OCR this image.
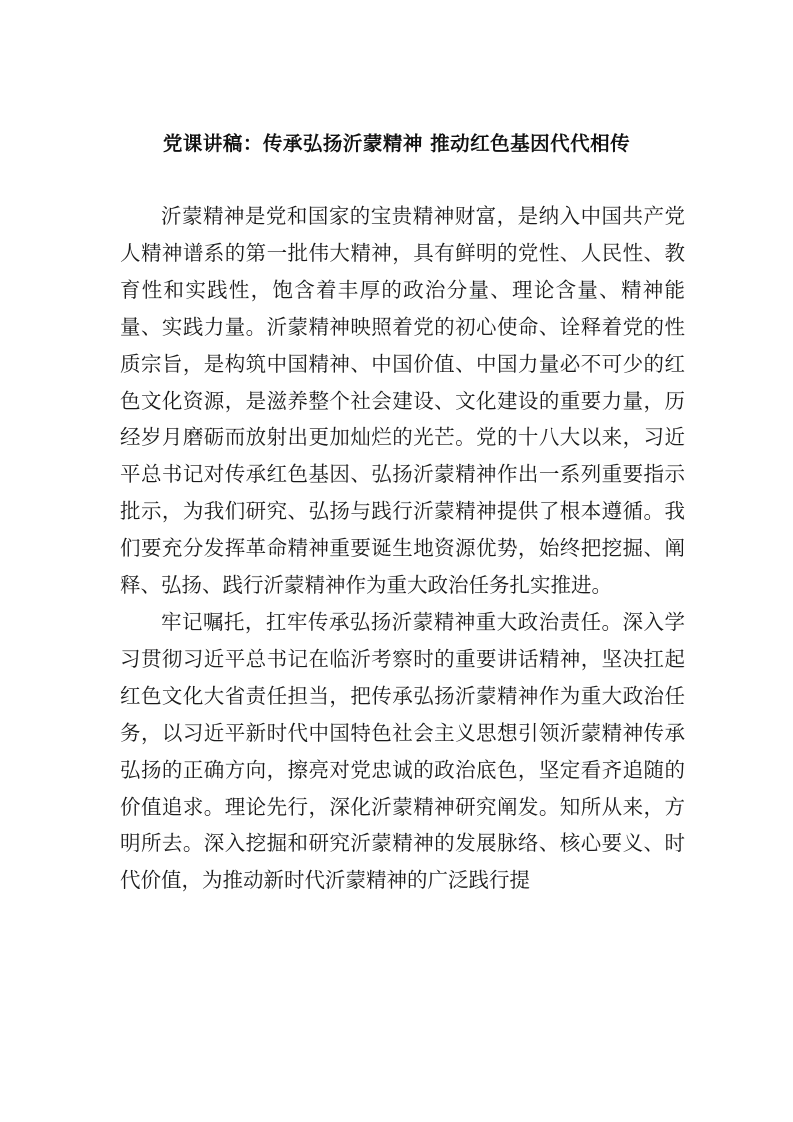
党课讲稿：传承弘扬沂蒙精神 推动红色基因代代相传

沂蒙精神是党和国家的宝贵精神财富，是纳入中国共产党人精神谱系的第一批伟大精神，具有鲜明的党性、人民性、教育性和实践性，饱含着丰厚的政治分量、理论含量、精神能量、实践力量。沂蒙精神映照着党的初心使命、诠释着党的性质宗旨，是构筑中国精神、中国价值、中国力量必不可少的红色文化资源，是滋养整个社会建设、文化建设的重要力量，历经岁月磨砺而放射出更加灿烂的光芒。党的十八大以来，习近平总书记对传承红色基因、弘扬沂蒙精神作出一系列重要指示批示，为我们研究、弘扬与践行沂蒙精神提供了根本遵循。我们要充分发挥革命精神重要诞生地资源优势，始终把挖掘、阐释、弘扬、践行沂蒙精神作为重大政治任务扎实推进。

牢记嘱托，扛牢传承弘扬沂蒙精神重大政治责任。深入学习贯彻习近平总书记在临沂考察时的重要讲话精神，坚决扛起红色文化大省责任担当，把传承弘扬沂蒙精神作为重大政治任务，以习近平新时代中国特色社会主义思想引领沂蒙精神传承弘扬的正确方向，擦亮对党忠诚的政治底色，坚定看齐追随的价值追求。理论先行，深化沂蒙精神研究阐发。知所从来，方明所去。深入挖掘和研究沂蒙精神的发展脉络、核心要义、时代价值，为推动新时代沂蒙精神的广泛践行提
